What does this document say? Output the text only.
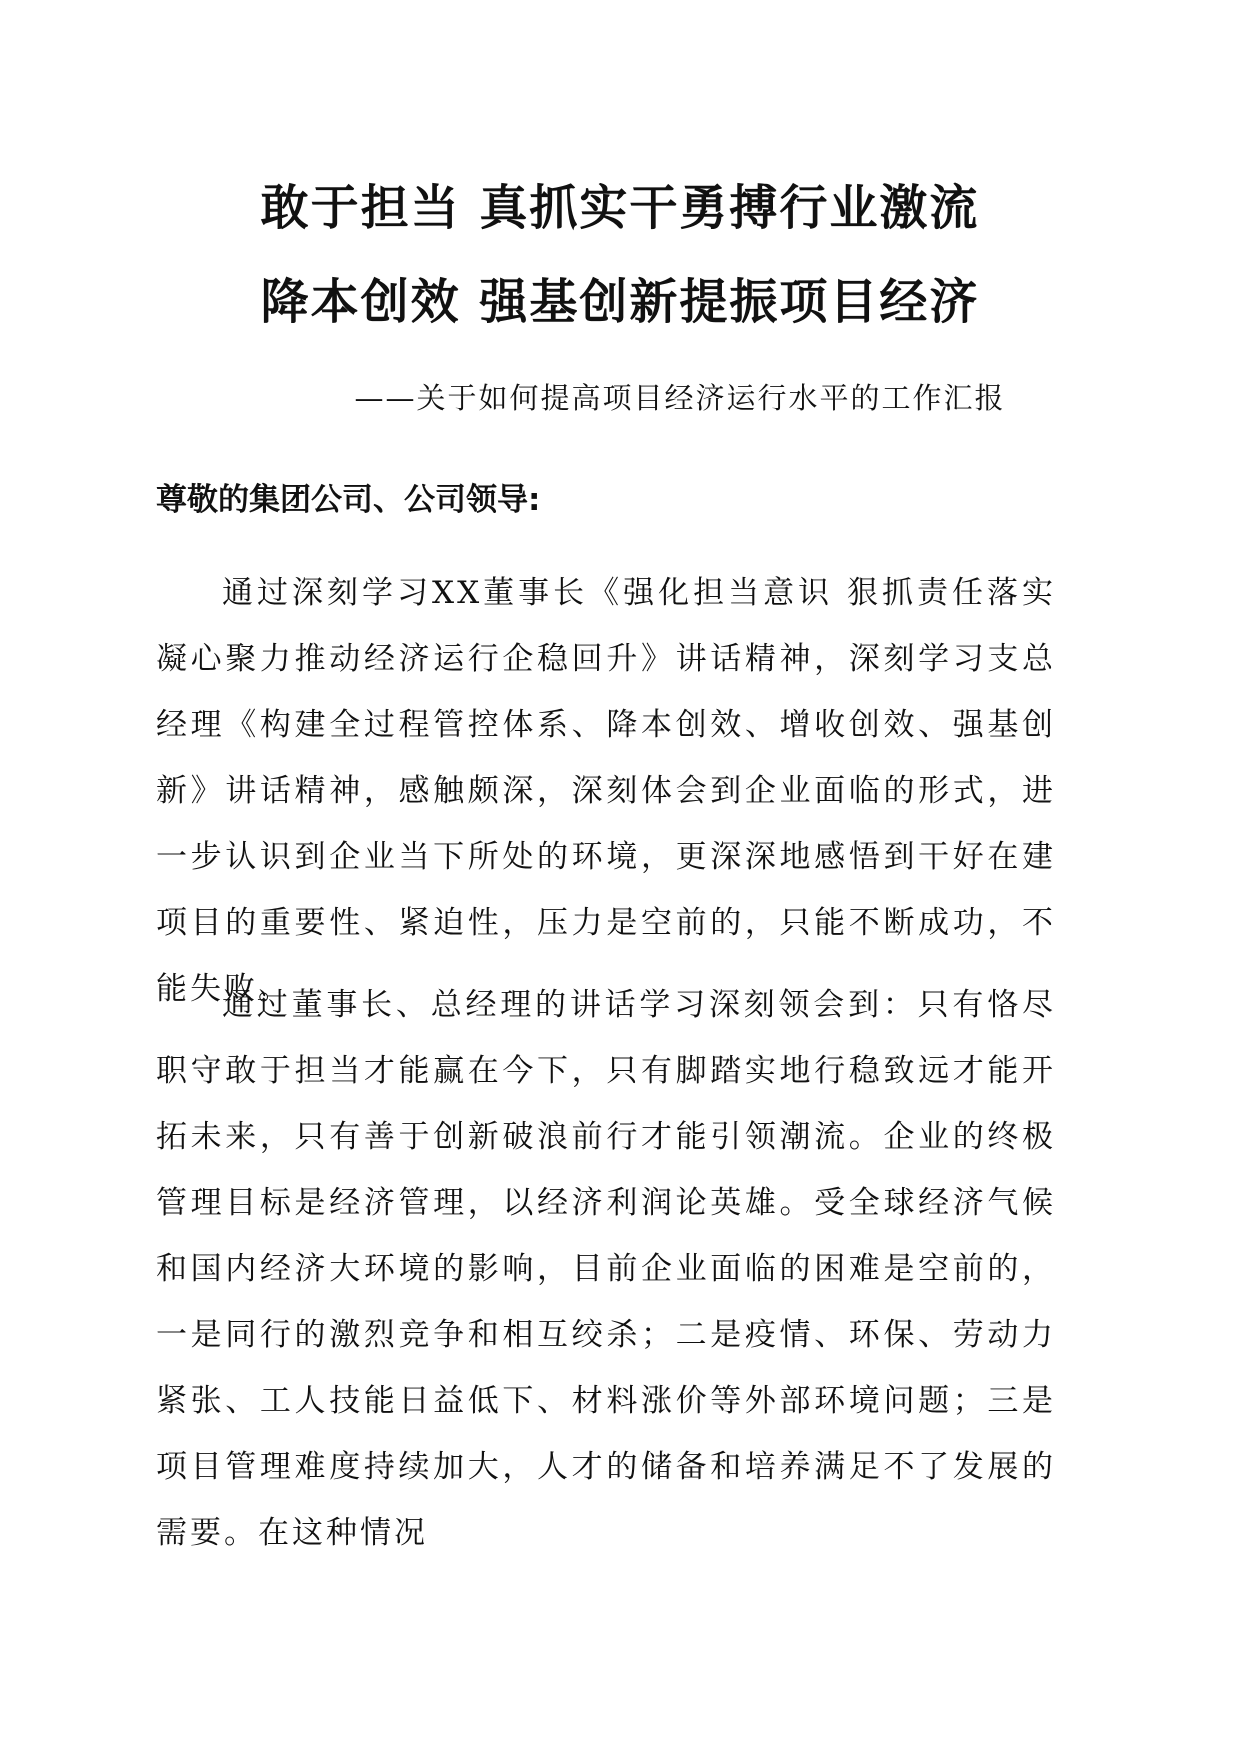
敢于担当 真抓实干勇搏行业激流
降本创效 强基创新提振项目经济
——关于如何提高项目经济运行水平的工作汇报
尊敬的集团公司、公司领导:

通过深刻学习XX董事长《强化担当意识 狠抓责任落实 凝心聚力推动经济运行企稳回升》讲话精神，深刻学习支总经理《构建全过程管控体系、降本创效、增收创效、强基创新》讲话精神，感触颇深，深刻体会到企业面临的形式，进一步认识到企业当下所处的环境，更深深地感悟到干好在建项目的重要性、紧迫性，压力是空前的，只能不断成功，不能失败。

通过董事长、总经理的讲话学习深刻领会到：只有恪尽职守敢于担当才能赢在今下，只有脚踏实地行稳致远才能开拓未来，只有善于创新破浪前行才能引领潮流。企业的终极管理目标是经济管理，以经济利润论英雄。受全球经济气候和国内经济大环境的影响，目前企业面临的困难是空前的，一是同行的激烈竞争和相互绞杀；二是疫情、环保、劳动力紧张、工人技能日益低下、材料涨价等外部环境问题；三是项目管理难度持续加大，人才的储备和培养满足不了发展的需要。在这种情况
